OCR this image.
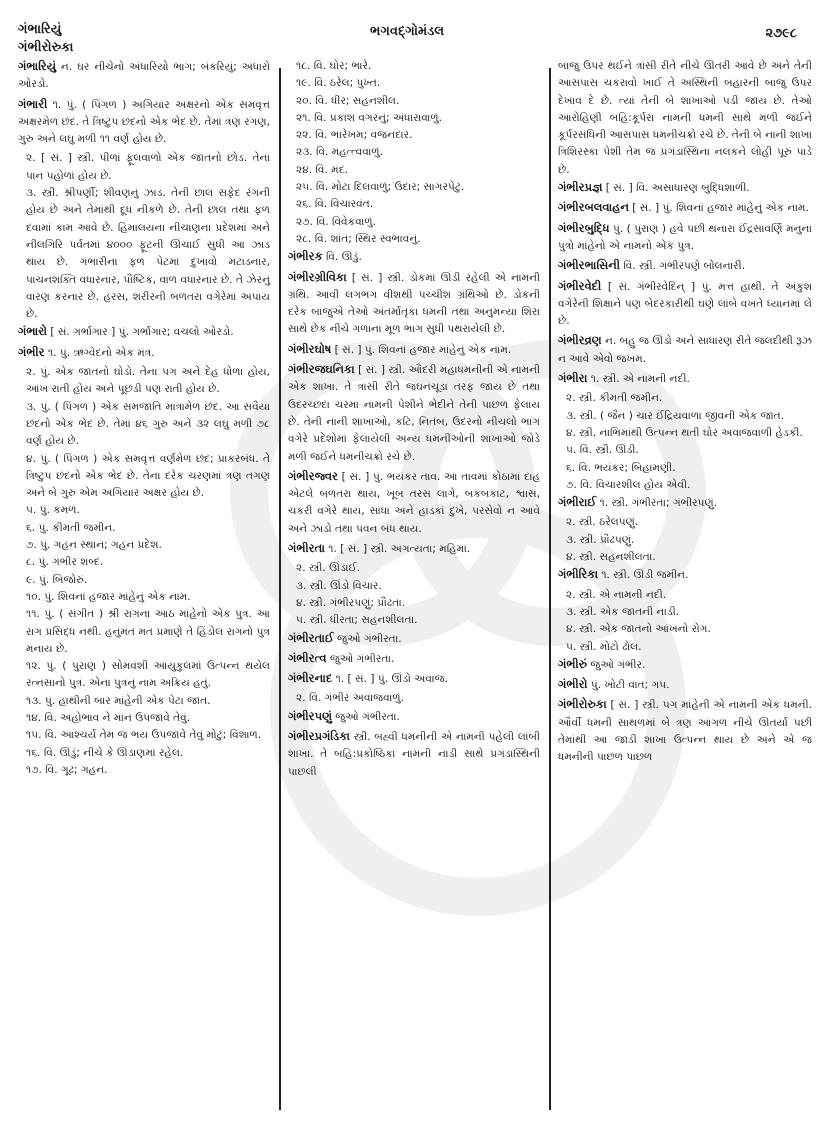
ગંભારિયું
ગંભીરોરુકા
ભગવદ્ગોમંડલ	૨૭૯૮

ગંભારિયું ન. ઘર નીચેનો અંધારિયો ભાગ; બંકરિયું; અંધારો ઓરડો.

ગંભારી ૧. પું. ( પિંગળ ) અગિયાર અક્ષરનો એક સમવૃત્ત અક્ષરમેળ છંદ. તે ત્રિષ્ટુપ છંદનો એક ભેદ છે. તેમાં ત્રણ રગણ, ગુરુ અને લઘુ મળી ૧૧ વર્ણ હોય છે.

૨. [ સં. ] સ્ત્રી. પીળાં ફૂલવાળો એક જાતનો છોડ. તેનાં પાન પહોળાં હોય છે.

૩. સ્ત્રી. શ્રીપર્ણી; શીવણનું ઝાડ. તેની છાલ સફેદ રંગની હોય છે અને તેમાંથી દૂધ નીકળે છે. તેની છાલ તથા ફળ દવામાં કામ આવે છે. હિમાલયના નીચાણના પ્રદેશમાં અને નીલગિરિ પર્વતમાં ૪૦૦૦ ફૂટની ઊંચાઈ સુધી આ ઝાડ થાય છે. ગંભારીના ફળ પેટમાં દુખાવો મટાડનાર, પાચનશક્તિ વધારનાર, પૌષ્ટિક, વાળ વધારનાર છે. તે ઝેરનું વારણ કરનાર છે. હરસ, શરીરની બળતરા વગેરેમાં અપાય છે.

ગંભારો [ સં. ગર્ભાગાર ] પું. ગર્ભાગાર; વચલો ઓરડો.

ગંભીર ૧. પું. ઋગ્વેદનો એક મંત્ર.

૨. પું. એક જાતનો ઘોડો. તેના પગ અને દેહ ધોળા હોય, આંખ રાતી હોય અને પૂછડી પણ રાતી હોય છે.

૩. પું. ( પિંગળ ) એક સમજાતિ માત્રામેળ છંદ. આ સવૈયા છંદનો એક ભેદ છે. તેમાં ૪૬ ગુરુ અને ૩૨ લઘુ મળી ૭૮ વર્ણ હોય છે.

૪. પું. ( પિંગળ ) એક સમવૃત્ત વર્ણમેળ છંદ; પ્રાકરબંધ. તે ત્રિષ્ટુપ છંદનો એક ભેદ છે. તેના દરેક ચરણમાં ત્રણ તગણ અને બે ગુરુ એમ અગિયાર અક્ષર હોય છે.

૫. પું. કમળ.

૬. પું. કીમતી જમીન.

૭. પું. ગહન સ્થાન; ગહન પ્રદેશ.

૮. પું. ગંભીર શબ્દ.

૯. પું. બિજોરું.

૧૦. પું. શિવનાં હજાર માંહેનું એક નામ.

૧૧. પું. ( સંગીત ) શ્રી રાગના આઠ માંહેનો એક પુત્ર. આ રાગ પ્રસિદ્ધ નથી. હનુમંત મત પ્રમાણે તે હિંડોલ રાગનો પુત્ર મનાય છે.

૧૨. પું. ( પુરાણ ) સોમવંશી આયુકુલમાં ઉત્પન્ન થયેલ રત્નસાનો પુત્ર. એના પુત્રનું નામ અક્રિય હતું.

૧૩. પું. હાથીની બાર માંહેની એક પેટા જાત.

૧૪. વિ. અહોભાવ ને માન ઉપજાવે તેવું.

૧૫. વિ. આશ્ચર્ય તેમ જ ભય ઉપજાવે તેવું મોટું; વિશાળ.

૧૬. વિ. ઊંડું; નીચે કે ઊંડાણમાં રહેલ.

૧૭. વિ. ગૂઢ; ગહન.

૧૮. વિ. ઘોર; ભારે.

૧૯. વિ. ઠરેલ; પુખ્ત.

૨૦. વિ. ધીર; સહનશીલ.

૨૧. વિ. પ્રકાશ વગરનું; અંધારાવાળું.

૨૨. વિ. ભારેખમ; વજનદાર.

૨૩. વિ. મહત્ત્વવાળું.

૨૪. વિ. મંદ.

૨૫. વિ. મોટા દિલવાળું; ઉદાર; સાગરપેટું.

૨૬. વિ. વિચારવંત.

૨૭. વિ. વિવેકવાળું.

૨૮. વિ. શાંત; સ્થિર સ્વભાવનું.

ગંભીરક વિ. ઊંડું.

ગંભીરગ્રીવિકા [ સં. ] સ્ત્રી. ડોકમાં ઊંડી રહેલી એ નામની ગ્રંથિ. આવી લગભગ વીશથી પચ્ચીશ ગ્રંથિઓ છે. ડોકની દરેક બાજુએ તેઓ અંતર્માતૃકા ધમની તથા અનુમન્યા શિરા સાથે છેક નીચે ગળાના મૂળ ભાગ સુધી પથરાયેલી છે.

ગંભીરઘોષ [ સં. ] પું. શિવનાં હજાર માંહેનું એક નામ.

ગંભીરજઘનિકા [ સં. ] સ્ત્રી. ઔદરી મહાધમનીની એ નામની એક શાખા. તે ત્રાંસી રીતે જઘનચૂડા તરફ જાય છે તથા ઉદરચ્છદા ચરમા નામની પેશીને ભેદીને તેની પાછળ ફેલાય છે. તેની નાની શાખાઓ, કટિ, નિતંબ, ઉદરનો નીચલો ભાગ વગેરે પ્રદેશોમાં ફેલાયેલી અન્ય ધમનીઓની શાખાઓ જોડે મળી જઈને ધમનીચક્રો રચે છે.

ગંભીરજ્વર [ સં. ] પું. ભયંકર તાવ. આ તાવમાં કોઠામાં દાહ એટલે બળતરા થાય, ખૂબ તરસ લાગે, બકબકાટ, શ્વાસ, ચકરી વગેરે થાય, સાંધા અને હાડકાં દુખે, પરસેવો ન આવે અને ઝાડો તથા પવન બંધ થાય.

ગંભીરતા ૧. [ સં. ] સ્ત્રી. અગત્યતા; મહિમા.

૨. સ્ત્રી. ઊંડાઈ.

૩. સ્ત્રી. ઊંડો વિચાર.

૪. સ્ત્રી. ગંભીરપણું; પ્રૌઢતા.

૫. સ્ત્રી. ધીરતા; સહનશીલતા.

ગંભીરતાઈ જુઓ ગંભીરતા.

ગંભીરત્વ જુઓ ગંભીરતા.

ગંભીરનાદ ૧. [ સં. ] પું. ઊંડો અવાજ.

૨. વિ. ગંભીર અવાજવાળું.

ગંભીરપણું જુઓ ગંભીરતા.

ગંભીરપ્રગંડિકા સ્ત્રી. બહ્વી ધમનીની એ નામની પહેલી લાંબી શાખા. તે બહિ:પ્રકોષ્ઠિકા નામની નાડી સાથે પ્રગંડાસ્થિની પાછલી

બાજુ ઉપર થઈને ત્રાંસી રીતે નીચે ઊતરી આવે છે અને તેની આસપાસ ચકરાવો ખાઈ તે અસ્થિની બહારની બાજુ ઉપર દેખાવ દે છે. ત્યાં તેની બે શાખાઓ પડી જાય છે. તેઓ આરોહિણી બહિ:કૂર્પરા નામની ધમની સાથે મળી જઈને કૂર્પરસંધિની આસપાસ ધમનીચક્રો રચે છે. તેની બે નાની શાખા ત્રિશિરસ્કા પેશી તેમ જ પ્રગંડાસ્થિના નલકને લોહી પૂરું પાડે છે.

ગંભીરપ્રજ્ઞ [ સં. ] વિ. અસાધારણ બુદ્ધિશાળી.

ગંભીરબલવાહન [ સં. ] પું. શિવનાં હજાર માંહેનું એક નામ.

ગંભીરબુદ્ધિ પું. ( પુરાણ ) હવે પછી થનારા ઈંદ્રસાવર્ણિ મનુના પુત્રો માંહેનો એ નામનો એક પુત્ર.

ગંભીરભાસિની વિ. સ્ત્રી. ગંભીરપણે બોલનારી.

ગંભીરવેદી [ સં. ગંભીરવેદિન્ ] પું. મત્ત હાથી. તે અંકુશ વગેરેની શિક્ષાને પણ બેદરકારીથી ઘણે લાંબે વખતે ધ્યાનમાં લે છે.

ગંભીરવ્રણ ન. બહુ જ ઊંડો અને સાધારણ રીતે જલદીથી રૂઝ ન આવે એવો જખમ.

ગંભીરા ૧. સ્ત્રી. એ નામની નદી.

૨. સ્ત્રી. કીમતી જમીન.

૩. સ્ત્રી. ( જૈન ) ચાર ઈંદ્રિયવાળા જીવની એક જાત.

૪. સ્ત્રી. નાભિમાંથી ઉત્પન્ન થતી ઘોર અવાજવાળી હેડકી.

૫. વિ. સ્ત્રી. ઊંડી.

૬. વિ. ભયંકર; બિહામણી.

૭. વિ. વિચારશીલ હોય એવી.

ગંભીરાઈ ૧. સ્ત્રી. ગંભીરતા; ગંભીરપણું.

૨. સ્ત્રી. ઠરેલપણું.

૩. સ્ત્રી. પ્રૌઢપણું.

૪. સ્ત્રી. સહનશીલતા.

ગંભીરિકા ૧. સ્ત્રી. ઊંડી જમીન.

૨. સ્ત્રી. એ નામની નદી.

૩. સ્ત્રી. એક જાતની નાડી.

૪. સ્ત્રી. એક જાતનો આંખનો રોગ.

૫. સ્ત્રી. મોટો ઢોલ.

ગંભીરું જુઓ ગંભીર.

ગંભીરો પું. ખોટી વાત; ગપ.

ગંભીરોરુકા [ સં. ] સ્ત્રી. પગ માંહેની એ નામની એક ધમની. ઔર્વી ધમની સાથળમાં બે ત્રણ આંગળ નીચે ઊતર્યા પછી તેમાંથી આ જાડી શાખા ઉત્પન્ન થાય છે અને એ જ ધમનીની પાછળ પાછળ
